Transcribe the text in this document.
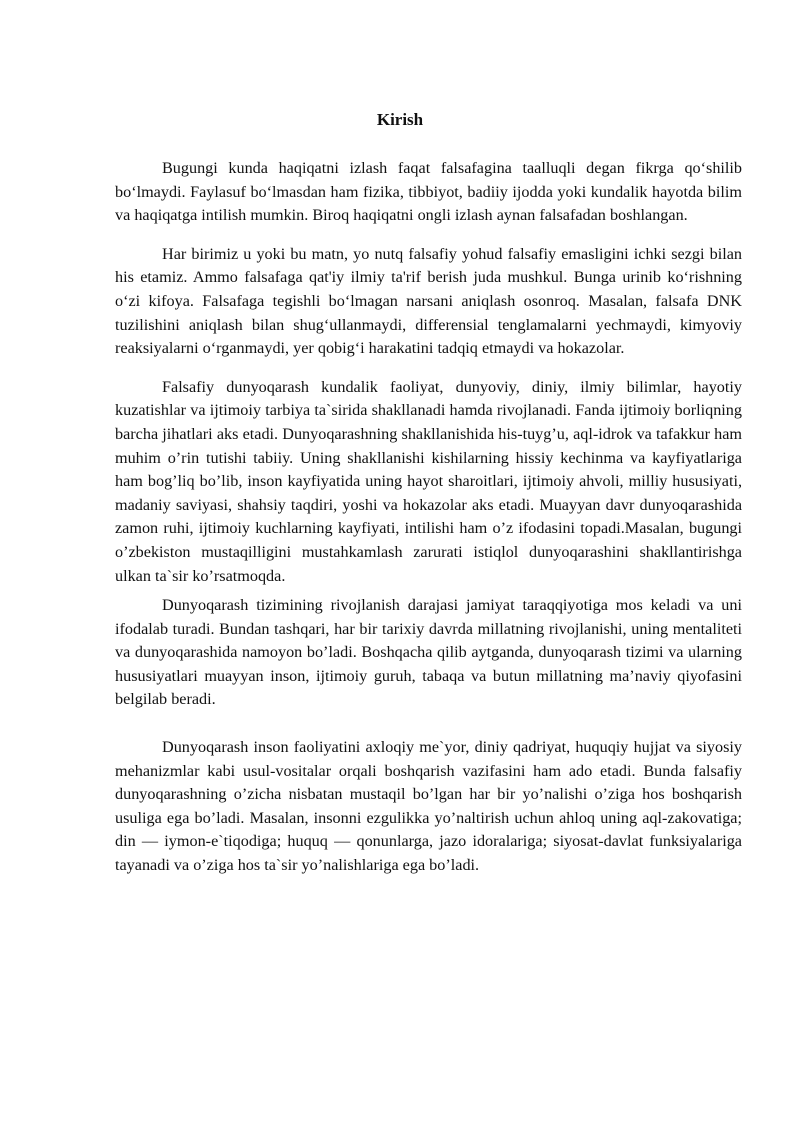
Kirish

Bugungi kunda haqiqatni izlash faqat falsafagina taalluqli degan fikrga qo‘shilib bo‘lmaydi. Faylasuf bo‘lmasdan ham fizika, tibbiyot, badiiy ijodda yoki kundalik hayotda bilim va haqiqatga intilish mumkin. Biroq haqiqatni ongli izlash aynan falsafadan boshlangan.

Har birimiz u yoki bu matn, yo nutq falsafiy yohud falsafiy emasligini ichki sezgi bilan his etamiz. Ammo falsafaga qat'iy ilmiy ta'rif berish juda mushkul. Bunga urinib ko‘rishning o‘zi kifoya. Falsafaga tegishli bo‘lmagan narsani aniqlash osonroq. Masalan, falsafa DNK tuzilishini aniqlash bilan shug‘ullanmaydi, differensial tenglamalarni yechmaydi, kimyoviy reaksiyalarni o‘rganmaydi, yer qobig‘i harakatini tadqiq etmaydi va hokazolar.

Falsafiy dunyoqarash kundalik faoliyat, dunyoviy, diniy, ilmiy bilimlar, hayotiy kuzatishlar va ijtimoiy tarbiya ta`sirida shakllanadi hamda rivojlanadi. Fanda ijtimoiy borliqning barcha jihatlari aks etadi. Dunyoqarashning shakllanishida his-tuyg’u, aql-idrok va tafakkur ham muhim o’rin tutishi tabiiy. Uning shakllanishi kishilarning hissiy kechinma va kayfiyatlariga ham bog’liq bo’lib, inson kayfiyatida uning hayot sharoitlari, ijtimoiy ahvoli, milliy hususiyati, madaniy saviyasi, shahsiy taqdiri, yoshi va hokazolar aks etadi. Muayyan davr dunyoqarashida zamon ruhi, ijtimoiy kuchlarning kayfiyati, intilishi ham o’z ifodasini topadi.Masalan, bugungi o’zbekiston mustaqilligini mustahkamlash zarurati istiqlol dunyoqarashini shakllantirishga ulkan ta`sir ko’rsatmoqda.

Dunyoqarash tizimining rivojlanish darajasi jamiyat taraqqiyotiga mos keladi va uni ifodalab turadi. Bundan tashqari, har bir tarixiy davrda millatning rivojlanishi, uning mentaliteti va dunyoqarashida namoyon bo’ladi. Boshqacha qilib aytganda, dunyoqarash tizimi va ularning hususiyatlari muayyan inson, ijtimoiy guruh, tabaqa va butun millatning ma’naviy qiyofasini belgilab beradi.

Dunyoqarash inson faoliyatini axloqiy me`yor, diniy qadriyat, huquqiy hujjat va siyosiy mehanizmlar kabi usul-vositalar orqali boshqarish vazifasini ham ado etadi. Bunda falsafiy dunyoqarashning o’zicha nisbatan mustaqil bo’lgan har bir yo’nalishi o’ziga hos boshqarish usuliga ega bo’ladi. Masalan, insonni ezgulikka yo’naltirish uchun ahloq uning aql-zakovatiga; din — iymon-e`tiqodiga; huquq — qonunlarga, jazo idoralariga; siyosat-davlat funksiyalariga tayanadi va o’ziga hos ta`sir yo’nalishlariga ega bo’ladi.
